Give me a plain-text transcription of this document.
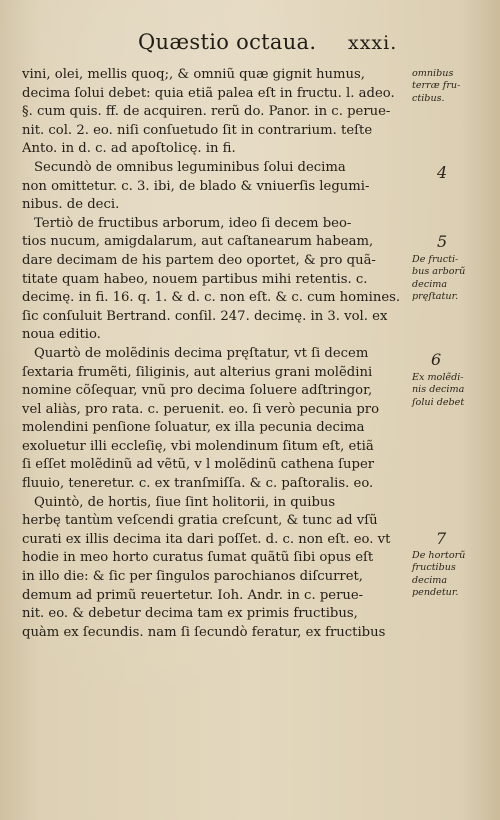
Quæstio octaua. xxxi.

vini, olei, mellis quoq;, & omniũ quæ gignit humus,
decima ſolui debet: quia etiã palea eſt in fructu. l. adeo.
§. cum quis. ff. de acquiren. rerũ do. Panor. in c. perue-
nit. col. 2. eo. niſi conſuetudo ſit in contrarium. teſte
Anto. in d. c. ad apoſtolicę. in fi.

Secundò de omnibus leguminibus ſolui decima
non omittetur. c. 3. ibi, de blado & vniuerſis legumi-
nibus. de deci.

Tertiò de fructibus arborum, ideo ſi decem beo-
tios nucum, amigdalarum, aut caſtanearum habeam,
dare decimam de his partem deo oportet, & pro quã-
titate quam habeo, nouem partibus mihi retentis. c.
decimę. in fi. 16. q. 1. & d. c. non eſt. & c. cum homines.
ſic conſuluit Bertrand. conſil. 247. decimę. in 3. vol. ex
noua editio.

Quartò de molẽdinis decima pręſtatur, vt ſi decem
ſextaria frumẽti, ſiliginis, aut alterius grani molẽdini
nomine cõſequar, vnũ pro decima ſoluere adſtringor,
vel aliàs, pro rata. c. peruenit. eo. ſi verò pecunia pro
molendini penſione ſoluatur, ex illa pecunia decima
exoluetur illi eccleſię, vbi molendinum ſitum eſt, etiã
ſi eſſet molẽdinũ ad vẽtũ, v l molẽdinũ cathena ſuper
fluuio, teneretur. c. ex tranſmiſſa. & c. paſtoralis. eo.

Quintò, de hortis, ſiue ſint holitorii, in quibus
herbę tantùm veſcendi gratia creſcunt, & tunc ad vſũ
curati ex illis decima ita dari poſſet. d. c. non eſt. eo. vt
hodie in meo horto curatus ſumat quãtũ ſibi opus eſt
in illo die: & ſic per ſingulos parochianos diſcurret,
demum ad primũ reuertetur. Ioh. Andr. in c. perue-
nit. eo. & debetur decima tam ex primis fructibus,
quàm ex ſecundis. nam ſi ſecundò feratur, ex fructibus

omnibus
terræ fru-
ctibus.
4
5
De fructi-
bus arborũ
decima
pręſtatur.
6
Ex molẽdi-
nis decima
ſolui debet
7
De hortorũ
fructibus
decima
pendetur.
